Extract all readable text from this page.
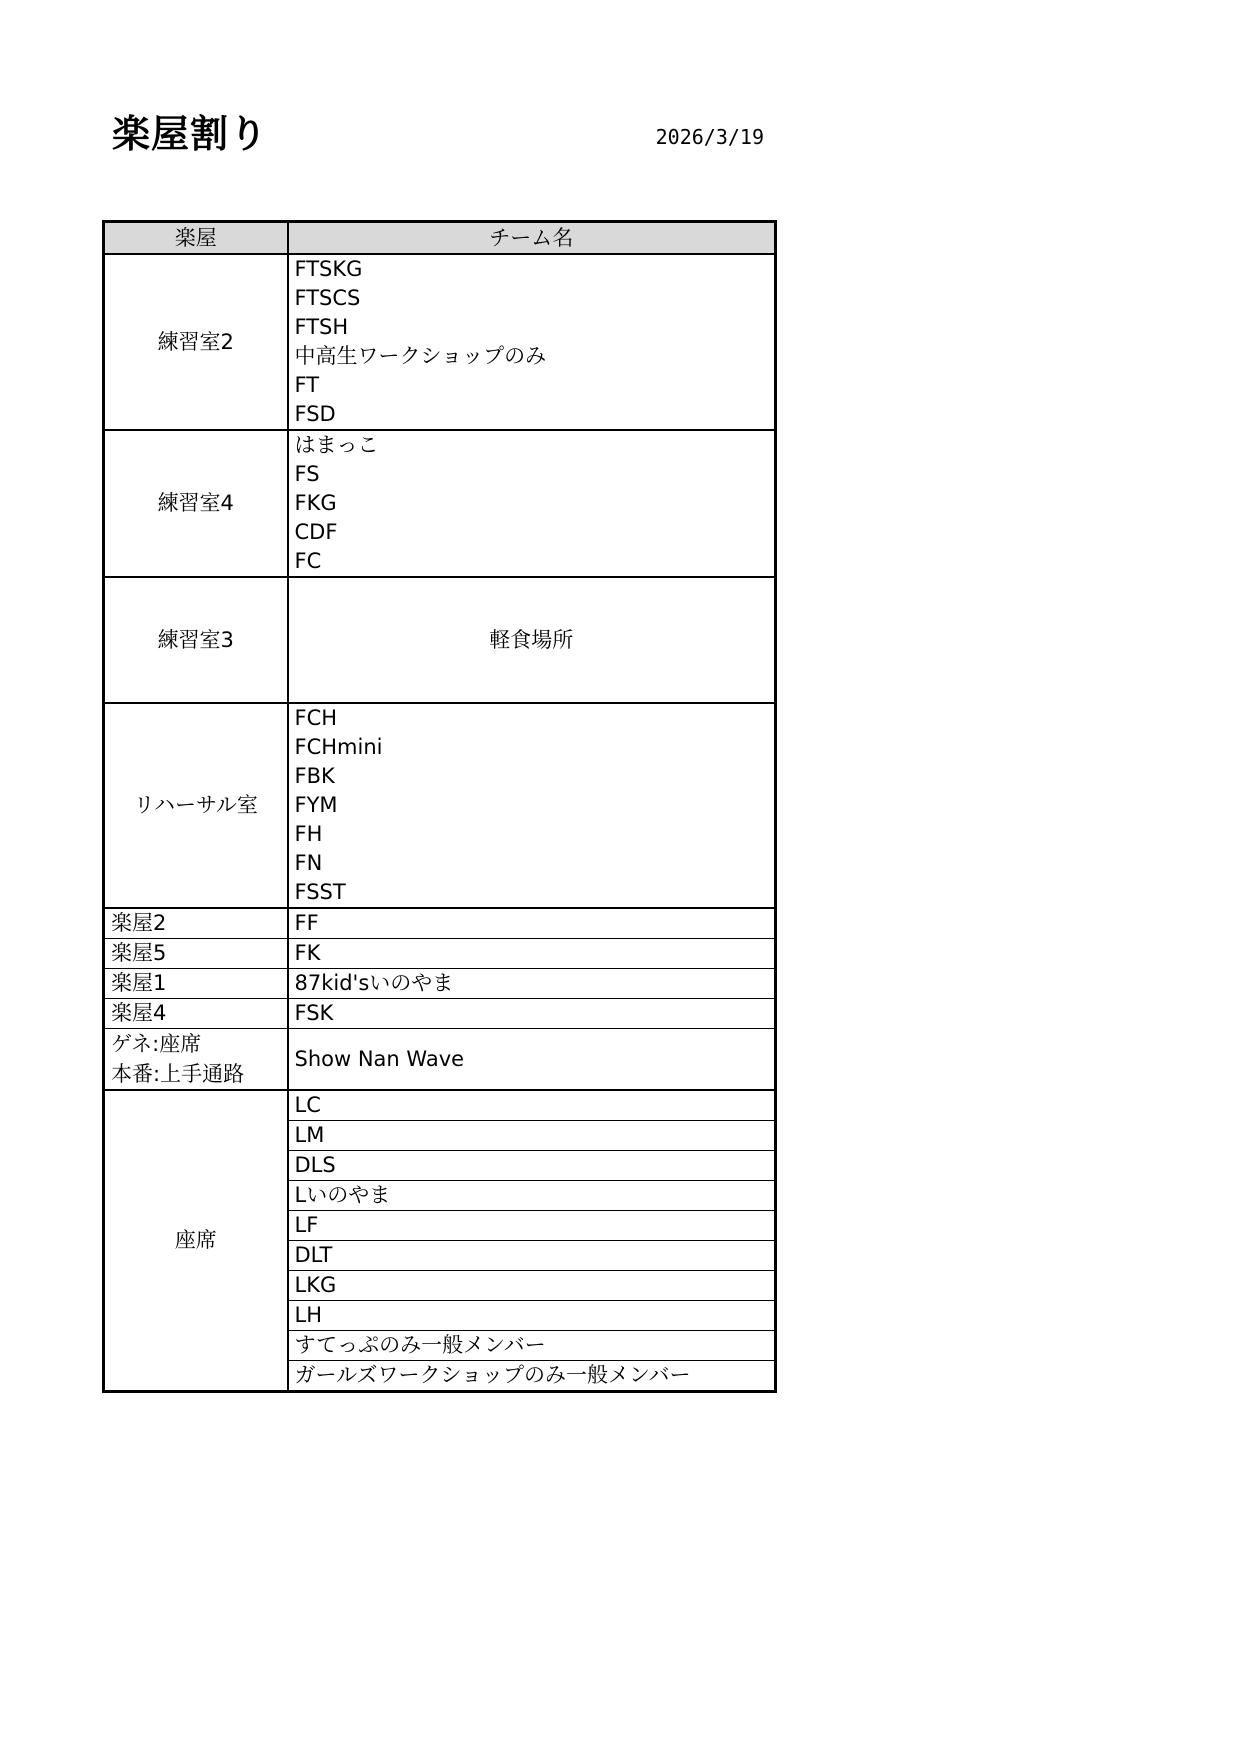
楽屋割り	2026/3/19
楽屋	チーム名
練習室2	FTSKG
	FTSCS
	FTSH
	中高生ワークショップのみ
	FT
	FSD
練習室4	はまっこ
	FS
	FKG
	CDF
	FC
練習室3	軽食場所
リハーサル室	FCH
	FCHmini
	FBK
	FYM
	FH
	FN
	FSST
楽屋2	FF
楽屋5	FK
楽屋1	87kid'sいのやま
楽屋4	FSK

ゲネ:座席
本番:上手通路	Show Nan Wave
座席	LC
	LM
	DLS
	Lいのやま
	LF
	DLT
	LKG
	LH
	すてっぷのみ一般メンバー
	ガールズワークショップのみ一般メンバー
